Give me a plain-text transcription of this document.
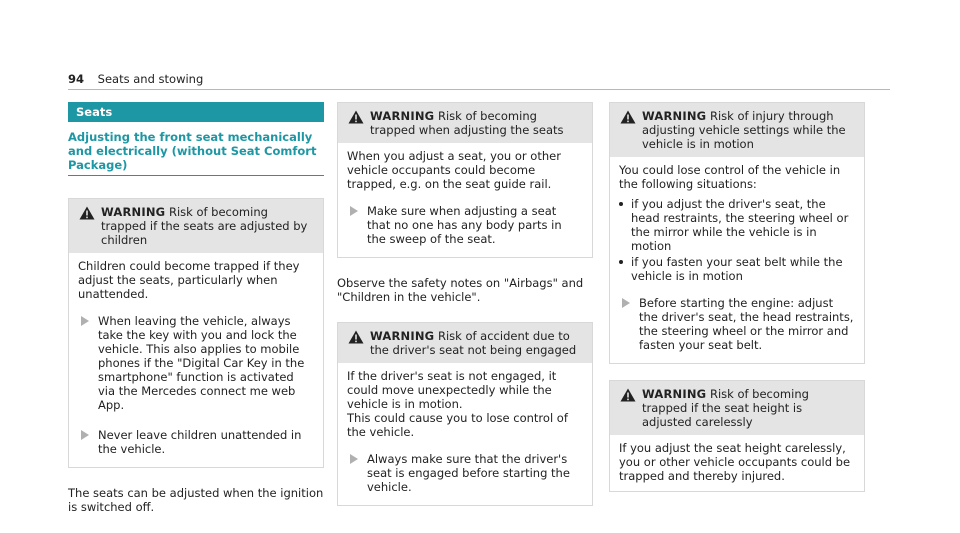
94 Seats and stowing
Seats
Adjusting the front seat mechanically and electrically (without Seat Comfort Package)
WARNING Risk of becoming trapped if the seats are adjusted by children

Children could become trapped if they adjust the seats, particularly when unattended.

When leaving the vehicle, always take the key with you and lock the vehicle. This also applies to mobile phones if the "Digital Car Key in the smartphone" function is activated via the Mercedes connect me web App.
Never leave children unattended in the vehicle.
The seats can be adjusted when the ignition is switched off.
WARNING Risk of becoming trapped when adjusting the seats

When you adjust a seat, you or other vehicle occupants could become trapped, e.g. on the seat guide rail.

Make sure when adjusting a seat that no one has any body parts in the sweep of the seat.
Observe the safety notes on "Airbags" and "Children in the vehicle".
WARNING Risk of accident due to the driver's seat not being engaged

If the driver's seat is not engaged, it could move unexpectedly while the vehicle is in motion.

This could cause you to lose control of the vehicle.

Always make sure that the driver's seat is engaged before starting the vehicle.
WARNING Risk of injury through adjusting vehicle settings while the vehicle is in motion

You could lose control of the vehicle in the following situations:

if you adjust the driver's seat, the head restraints, the steering wheel or the mirror while the vehicle is in motion
if you fasten your seat belt while the vehicle is in motion
Before starting the engine: adjust the driver's seat, the head restraints, the steering wheel or the mirror and fasten your seat belt.
WARNING Risk of becoming trapped if the seat height is adjusted carelessly

If you adjust the seat height carelessly, you or other vehicle occupants could be trapped and thereby injured.
